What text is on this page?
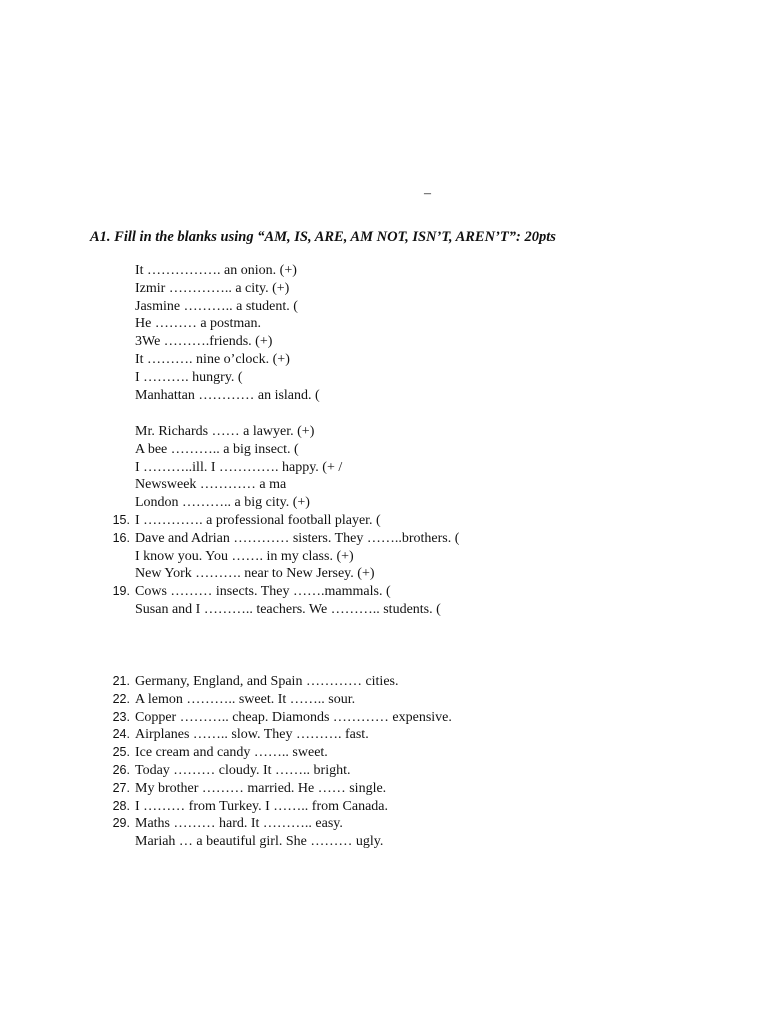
–
A1. Fill in the blanks using “AM, IS, ARE, AM NOT, ISN’T, AREN’T”: 20pts
It ……………. an onion. (+)
Izmir ………….. a city. (+)
Jasmine ……….. a student. (
He ……… a postman.
3We ……….friends. (+)
It ………. nine o’clock. (+)
I ………. hungry. (
Manhattan ………… an island. (
Mr. Richards …… a lawyer. (+)
A bee ……….. a big insect. (
I ………..ill. I …………. happy. (+ /
Newsweek ………… a ma
London ……….. a big city. (+)
15. I …………. a professional football player. (
16. Dave and Adrian ………… sisters. They ……..brothers. (
I know you. You ……. in my class. (+)
New York ………. near to New Jersey. (+)
19. Cows ……… insects. They …….mammals. (
Susan and I ……….. teachers. We ……….. students. (
21. Germany, England, and Spain ………… cities.
22. A lemon ……….. sweet. It …….. sour.
23. Copper ……….. cheap. Diamonds ………… expensive.
24. Airplanes …….. slow. They ………. fast.
25. Ice cream and candy …….. sweet.
26. Today ……… cloudy. It …….. bright.
27. My brother ……… married. He …… single.
28. I ……… from Turkey. I …….. from Canada.
29. Maths ……… hard. It ……….. easy.
Mariah … a beautiful girl. She ……… ugly.
